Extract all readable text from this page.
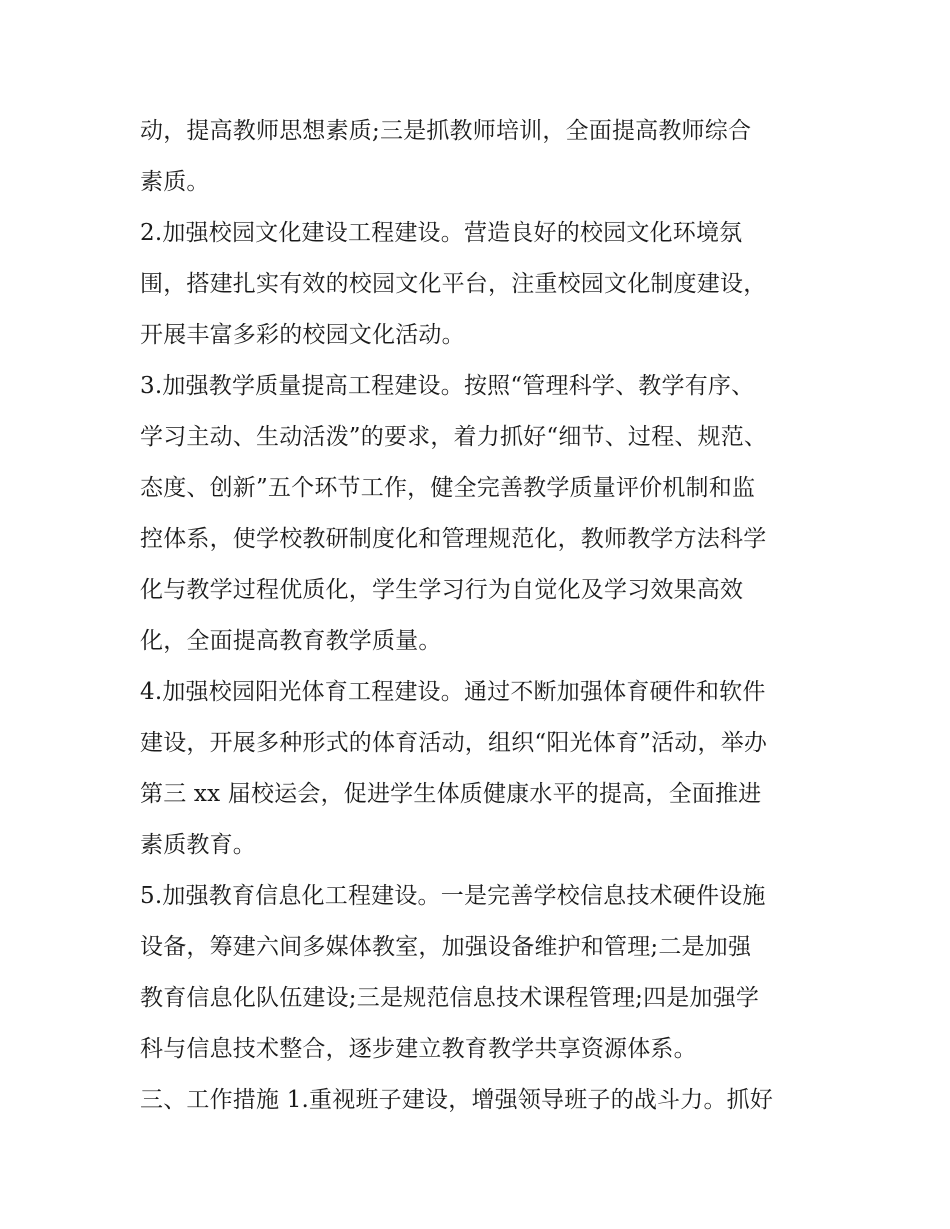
动，提高教师思想素质;三是抓教师培训，全面提高教师综合
素质。
2.加强校园文化建设工程建设。营造良好的校园文化环境氛
围，搭建扎实有效的校园文化平台，注重校园文化制度建设，
开展丰富多彩的校园文化活动。
3.加强教学质量提高工程建设。按照“管理科学、教学有序、
学习主动、生动活泼”的要求，着力抓好“细节、过程、规范、
态度、创新”五个环节工作，健全完善教学质量评价机制和监
控体系，使学校教研制度化和管理规范化，教师教学方法科学
化与教学过程优质化，学生学习行为自觉化及学习效果高效
化，全面提高教育教学质量。
4.加强校园阳光体育工程建设。通过不断加强体育硬件和软件
建设，开展多种形式的体育活动，组织“阳光体育”活动，举办
第三 xx 届校运会，促进学生体质健康水平的提高，全面推进
素质教育。
5.加强教育信息化工程建设。一是完善学校信息技术硬件设施
设备，筹建六间多媒体教室，加强设备维护和管理;二是加强
教育信息化队伍建设;三是规范信息技术课程管理;四是加强学
科与信息技术整合，逐步建立教育教学共享资源体系。
三、工作措施 1.重视班子建设，增强领导班子的战斗力。抓好
